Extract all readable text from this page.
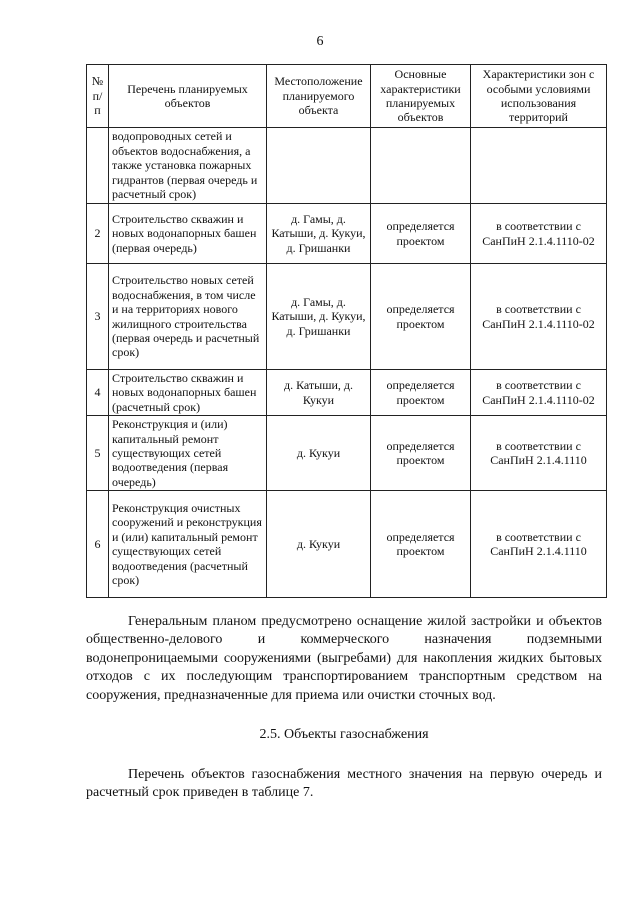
6
№ п/п	Перечень планируемых объектов	Местоположение планируемого объекта	Основные характеристики планируемых объектов	Характеристики зон с особыми условиями использования территорий
	водопроводных сетей и объектов водоснабжения, а также установка пожарных гидрантов (первая очередь и расчетный срок)			
2	Строительство скважин и новых водонапорных башен (первая очередь)	д. Гамы, д. Катыши, д. Кукуи, д. Гришанки	определяется проектом	в соответствии с СанПиН 2.1.4.1110-02
3	Строительство новых сетей водоснабжения, в том числе и на территориях нового жилищного строительства (первая очередь и расчетный срок)	д. Гамы, д. Катыши, д. Кукуи, д. Гришанки	определяется проектом	в соответствии с СанПиН 2.1.4.1110-02
4	Строительство скважин и новых водонапорных башен (расчетный срок)	д. Катыши, д. Кукуи	определяется проектом	в соответствии с СанПиН 2.1.4.1110-02
5	Реконструкция и (или) капитальный ремонт существующих сетей водоотведения (первая очередь)	д. Кукуи	определяется проектом	в соответствии с СанПиН 2.1.4.1110
6	Реконструкция очистных сооружений и реконструкция и (или) капитальный ремонт существующих сетей водоотведения (расчетный срок)	д. Кукуи	определяется проектом	в соответствии с СанПиН 2.1.4.1110

Генеральным планом предусмотрено оснащение жилой застройки и объектов общественно-делового и коммерческого назначения подземными водонепроницаемыми сооружениями (выгребами) для накопления жидких бытовых отходов с их последующим транспортированием транспортным средством на сооружения, предназначенные для приема или очистки сточных вод.

2.5. Объекты газоснабжения

Перечень объектов газоснабжения местного значения на первую очередь и расчетный срок приведен в таблице 7.
